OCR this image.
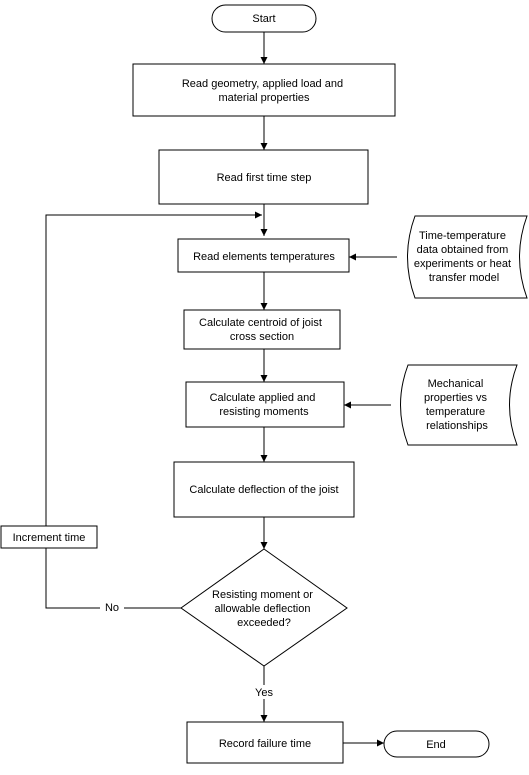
No
Yes
Start
Read geometry, applied load and material properties
Read first time step
Read elements temperatures
Time-temperature data obtained from experiments or heat transfer model
Calculate centroid of joist cross section
Calculate applied and resisting moments
Mechanical properties vs temperature relationships
Calculate deflection of the joist
Increment time
Resisting moment or allowable deflection exceeded?
Record failure time	End
